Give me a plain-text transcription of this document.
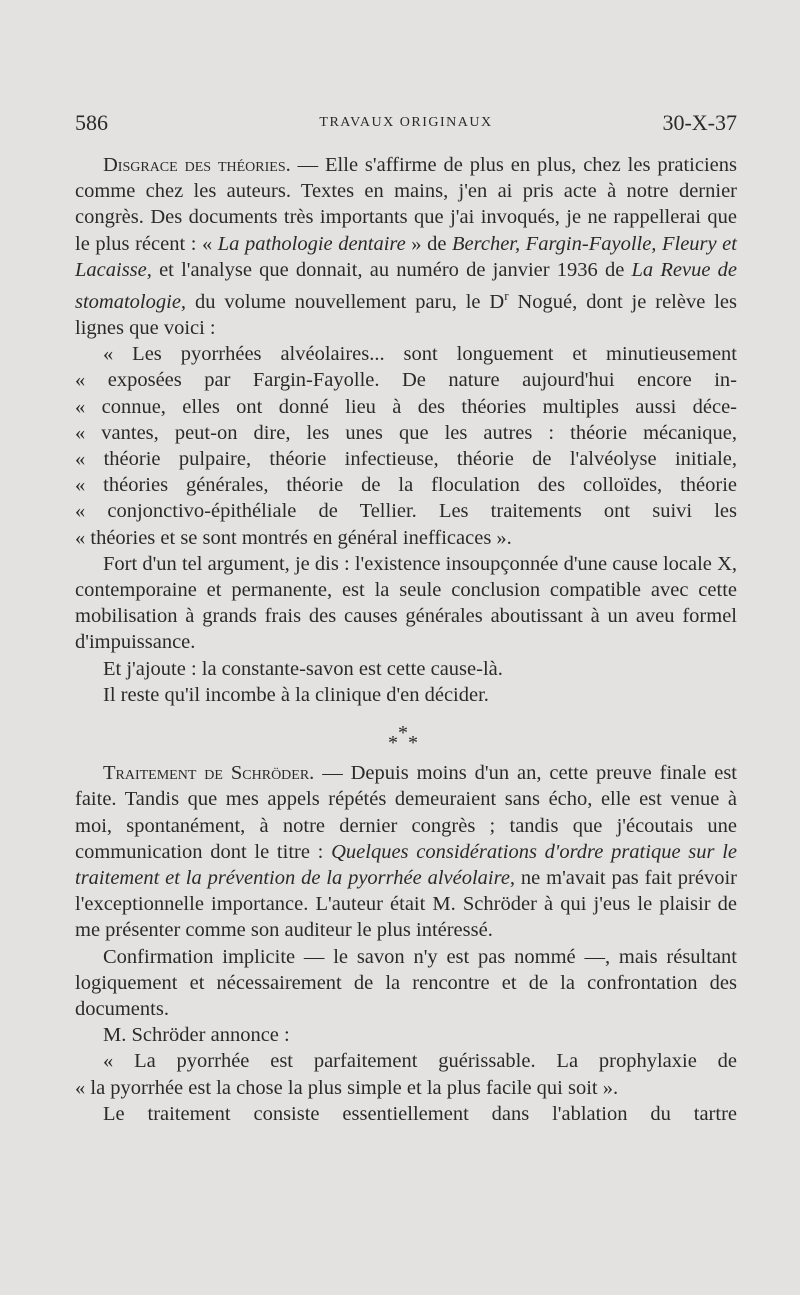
586	TRAVAUX ORIGINAUX	30-X-37

Disgrace des théories. — Elle s'affirme de plus en plus, chez les praticiens comme chez les auteurs. Textes en mains, j'en ai pris acte à notre dernier congrès. Des documents très importants que j'ai invoqués, je ne rappellerai que le plus récent : « La pathologie dentaire » de Bercher, Fargin-Fayolle, Fleury et Lacaisse, et l'analyse que donnait, au numéro de janvier 1936 de La Revue de stomatologie, du volume nouvellement paru, le $D^r$ Nogué, dont je relève les lignes que voici :

« Les pyorrhées alvéolaires... sont longuement et minutieusement
« exposées par Fargin-Fayolle. De nature aujourd'hui encore in-
« connue, elles ont donné lieu à des théories multiples aussi déce-
« vantes, peut-on dire, les unes que les autres : théorie mécanique,
« théorie pulpaire, théorie infectieuse, théorie de l'alvéolyse initiale,
« théories générales, théorie de la floculation des colloïdes, théorie
« conjonctivo-épithéliale de Tellier. Les traitements ont suivi les
« théories et se sont montrés en général inefficaces ».

Fort d'un tel argument, je dis : l'existence insoupçonnée d'une cause locale X, contemporaine et permanente, est la seule conclusion compatible avec cette mobilisation à grands frais des causes générales aboutissant à un aveu formel d'impuissance.

Et j'ajoute : la constante-savon est cette cause-là.

Il reste qu'il incombe à la clinique d'en décider.

*
* *

Traitement de Schröder. — Depuis moins d'un an, cette preuve finale est faite. Tandis que mes appels répétés demeuraient sans écho, elle est venue à moi, spontanément, à notre dernier congrès ; tandis que j'écoutais une communication dont le titre : Quelques considérations d'ordre pratique sur le traitement et la prévention de la pyorrhée alvéolaire, ne m'avait pas fait prévoir l'exceptionnelle importance. L'auteur était M. Schröder à qui j'eus le plaisir de me présenter comme son auditeur le plus intéressé.

Confirmation implicite — le savon n'y est pas nommé —, mais résultant logiquement et nécessairement de la rencontre et de la confrontation des documents.

M. Schröder annonce :

« La pyorrhée est parfaitement guérissable. La prophylaxie de
« la pyorrhée est la chose la plus simple et la plus facile qui soit ».

Le traitement consiste essentiellement dans l'ablation du tartre
